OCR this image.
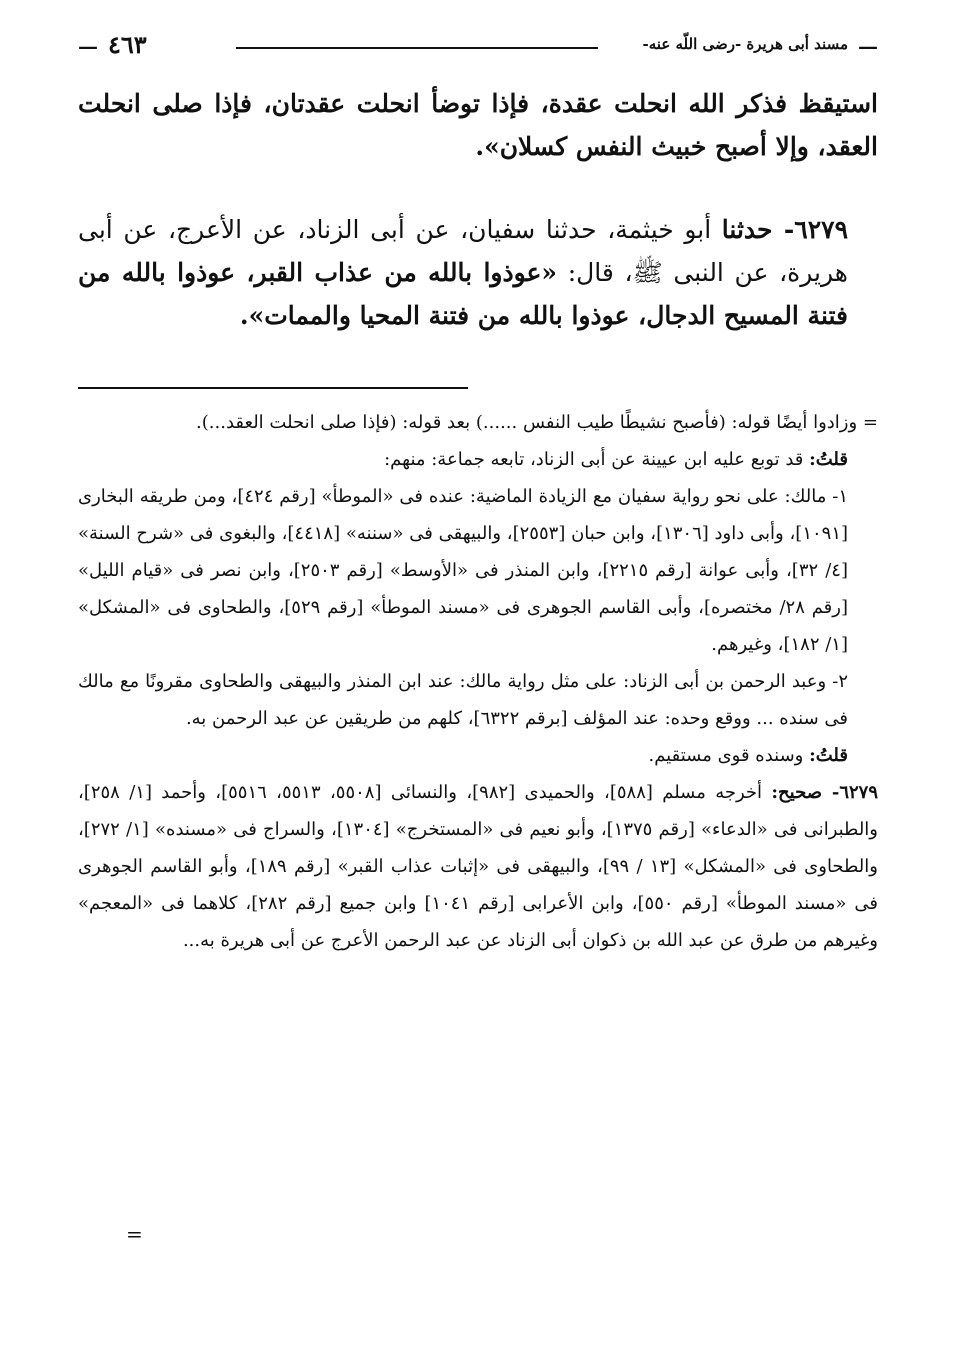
—
مسند أبى هريرة -رضى اللّه عنه-
٤٦٣
—

استيقظ فذكر الله انحلت عقدة، فإذا توضأ انحلت عقدتان، فإذا صلى انحلت العقد، وإلا أصبح خبيث النفس كسلان».

٦٢٧٩- حدثنا أبو خيثمة، حدثنا سفيان، عن أبى الزناد، عن الأعرج، عن أبى هريرة، عن النبى ﷺ، قال: «عوذوا بالله من عذاب القبر، عوذوا بالله من فتنة المسيح الدجال، عوذوا بالله من فتنة المحيا والممات».

= وزادوا أيضًا قوله: (فأصبح نشيطًا طيب النفس ......) بعد قوله: (فإذا صلى انحلت العقد...).

قلتُ: قد توبع عليه ابن عيينة عن أبى الزناد، تابعه جماعة: منهم:

١- مالك: على نحو رواية سفيان مع الزيادة الماضية: عنده فى «الموطأ» [رقم ٤٢٤]، ومن طريقه البخارى [١٠٩١]، وأبى داود [١٣٠٦]، وابن حبان [٢٥٥٣]، والبيهقى فى «سننه» [٤٤١٨]، والبغوى فى «شرح السنة» [٤/ ٣٢]، وأبى عوانة [رقم ٢٢١٥]، وابن المنذر فى «الأوسط» [رقم ٢٥٠٣]، وابن نصر فى «قيام الليل» [رقم ٢٨/ مختصره]، وأبى القاسم الجوهرى فى «مسند الموطأ» [رقم ٥٢٩]، والطحاوى فى «المشكل» [١/ ١٨٢]، وغيرهم.

٢- وعبد الرحمن بن أبى الزناد: على مثل رواية مالك: عند ابن المنذر والبيهقى والطحاوى مقرونًا مع مالك فى سنده ... ووقع وحده: عند المؤلف [برقم ٦٣٢٢]، كلهم من طريقين عن عبد الرحمن به.

قلتُ: وسنده قوى مستقيم.

٦٢٧٩- صحيح: أخرجه مسلم [٥٨٨]، والحميدى [٩٨٢]، والنسائى [٥٥٠٨، ٥٥١٣، ٥٥١٦]، وأحمد [١/ ٢٥٨]، والطبرانى فى «الدعاء» [رقم ١٣٧٥]، وأبو نعيم فى «المستخرج» [١٣٠٤]، والسراج فى «مسنده» [١/ ٢٧٢]، والطحاوى فى «المشكل» [١٣ / ٩٩]، والبيهقى فى «إثبات عذاب القبر» [رقم ١٨٩]، وأبو القاسم الجوهرى فى «مسند الموطأ» [رقم ٥٥٠]، وابن الأعرابى [رقم ١٠٤١] وابن جميع [رقم ٢٨٢]، كلاهما فى «المعجم» وغيرهم من طرق عن عبد الله بن ذكوان أبى الزناد عن عبد الرحمن الأعرج عن أبى هريرة به...

=
